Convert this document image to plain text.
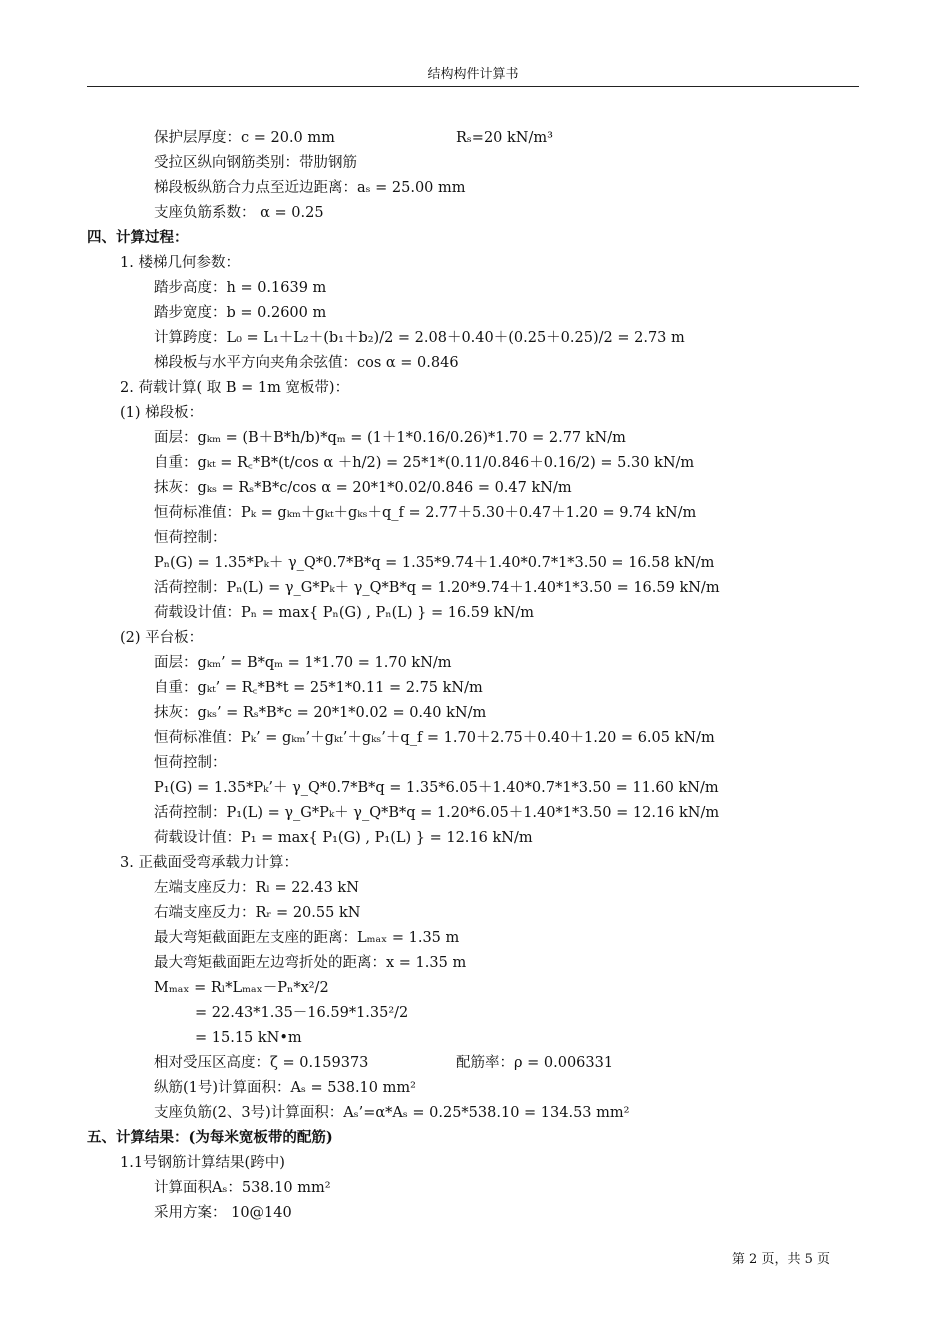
结构构件计算书
保护层厚度：c = 20.0 mm	Rₛ=20 kN/m³
受拉区纵向钢筋类别：带肋钢筋
梯段板纵筋合力点至近边距离：aₛ = 25.00 mm
支座负筋系数： α = 0.25
四、计算过程：
1. 楼梯几何参数：
踏步高度：h = 0.1639 m
踏步宽度：b = 0.2600 m
计算跨度：L₀ = L₁＋L₂＋(b₁＋b₂)/2 = 2.08＋0.40＋(0.25＋0.25)/2 = 2.73 m
梯段板与水平方向夹角余弦值：cos α = 0.846
2. 荷载计算( 取 B = 1m 宽板带)：
(1) 梯段板：
面层：gₖₘ = (B＋B*h/b)*qₘ = (1＋1*0.16/0.26)*1.70 = 2.77 kN/m
自重：gₖₜ = R꜀*B*(t/cos α ＋h/2) = 25*1*(0.11/0.846＋0.16/2) = 5.30 kN/m
抹灰：gₖₛ = Rₛ*B*c/cos α = 20*1*0.02/0.846 = 0.47 kN/m
恒荷标准值：Pₖ = gₖₘ＋gₖₜ＋gₖₛ＋q_f = 2.77＋5.30＋0.47＋1.20 = 9.74 kN/m
恒荷控制：
Pₙ(G) = 1.35*Pₖ＋ γ_Q*0.7*B*q = 1.35*9.74＋1.40*0.7*1*3.50 = 16.58 kN/m
活荷控制：Pₙ(L) = γ_G*Pₖ＋ γ_Q*B*q = 1.20*9.74＋1.40*1*3.50 = 16.59 kN/m
荷载设计值：Pₙ = max{ Pₙ(G) , Pₙ(L) } = 16.59 kN/m
(2) 平台板：
面层：gₖₘ’ = B*qₘ = 1*1.70 = 1.70 kN/m
自重：gₖₜ’ = R꜀*B*t = 25*1*0.11 = 2.75 kN/m
抹灰：gₖₛ’ = Rₛ*B*c = 20*1*0.02 = 0.40 kN/m
恒荷标准值：Pₖ’ = gₖₘ’＋gₖₜ’＋gₖₛ’＋q_f = 1.70＋2.75＋0.40＋1.20 = 6.05 kN/m
恒荷控制：
P₁(G) = 1.35*Pₖ’＋ γ_Q*0.7*B*q = 1.35*6.05＋1.40*0.7*1*3.50 = 11.60 kN/m
活荷控制：P₁(L) = γ_G*Pₖ＋ γ_Q*B*q = 1.20*6.05＋1.40*1*3.50 = 12.16 kN/m
荷载设计值：P₁ = max{ P₁(G) , P₁(L) } = 12.16 kN/m
3. 正截面受弯承载力计算：
左端支座反力：Rₗ = 22.43 kN
右端支座反力：Rᵣ = 20.55 kN
最大弯矩截面距左支座的距离：Lₘₐₓ = 1.35 m
最大弯矩截面距左边弯折处的距离：x = 1.35 m
Mₘₐₓ = Rₗ*Lₘₐₓ－Pₙ*x²/2
= 22.43*1.35－16.59*1.35²/2
= 15.15 kN•m
相对受压区高度：ζ = 0.159373	配筋率：ρ = 0.006331
纵筋(1号)计算面积：Aₛ = 538.10 mm²
支座负筋(2、3号)计算面积：Aₛ’=α*Aₛ = 0.25*538.10 = 134.53 mm²
五、计算结果：(为每米宽板带的配筋)
1.1号钢筋计算结果(跨中)
计算面积Aₛ：538.10 mm²
采用方案： 10@140
第 2 页，共 5 页
